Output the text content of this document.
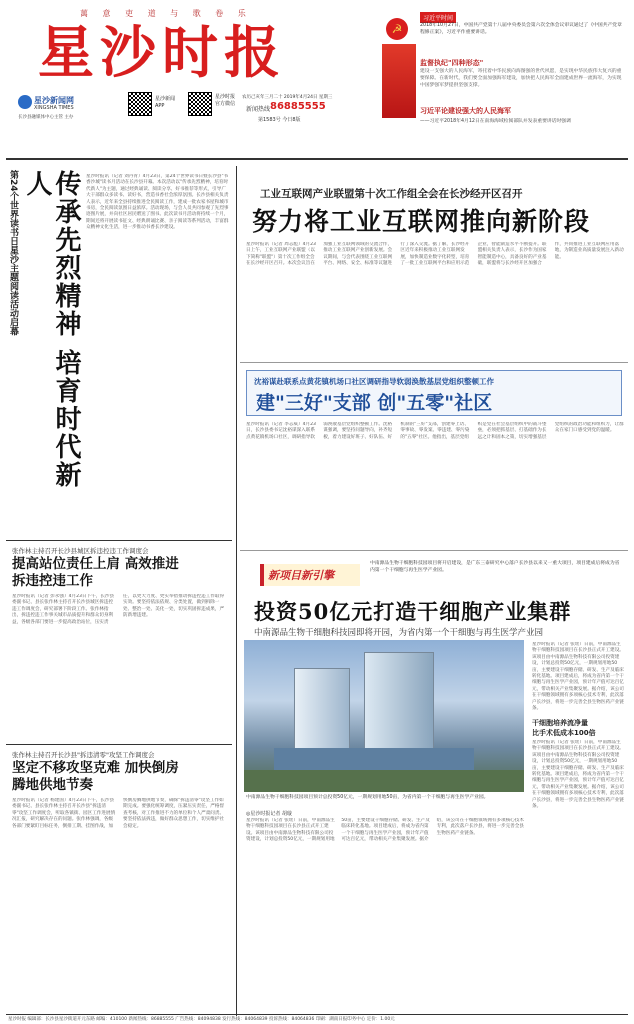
萬 意 吏 道 与 歌 卷 乐
星沙时报
星沙新闻网
XINGSHA TIMES
长沙县融媒体中心主管 主办
星沙新闻APP
星沙时报官方微信
农历己亥年三月二十 2019年4月24日 星期三
新闻热线 86885555
第1583号 今日8版
☭
习近平时间
2018年10月27日，中国共产党第十八届中央委员会第六次全体会议审议通过了《中国共产党章程修正案》，习近平作重要讲话。
监督执纪"四种形态"
建设一支强大的人民海军，寄托着中华民族向海图强的世代夙愿，是实现中华民族伟大复兴的重要保障。在新时代，我们要全面加强海军建设，加快把人民海军全面建成世界一流海军，为实现中国梦强军梦提供坚强支撑。
习近平论建设强大的人民海军
——习近平2018年4月12日在南海海域检阅部队并发表重要讲话时强调
第24个世界读书日星沙主题阅读活动启幕	传承先烈精神 培育时代新人	星沙时报讯（记者 刘丹青）4月23日，第24个世界读书日暨长沙县"书香沙城"读书月活动在长沙县开幕。本次活动以"传承先烈精神，培育时代新人"为主题，通过经典诵读、阅读分享、好书推荐等形式，引导广大干部群众多读书、读好书，营造书香社会浓厚氛围。长沙县相关负责人表示，近年来全县持续推进全民阅读工作，建成一批农家书屋和城市书房，全民阅读氛围日益浓厚。活动现场，与会人员共同参观了先烈事迹图片展，并向社区居民赠送了图书。此次读书月活动将持续一个月，期间还将开展读书征文、经典朗诵比赛、亲子阅读等系列活动，丰富群众精神文化生活，进一步推动书香长沙建设。
工业互联网产业联盟第十次工作组全会在长沙经开区召开
努力将工业互联网推向新阶段
星沙时报讯（记者 周志彪）4月23日上午，工业互联网产业联盟（以下简称"联盟"）第十次工作组全会在长沙经开区召开。本次会议旨在加强工业互联网领域的交流合作，推动工业互联网产业创新发展。会议期间，与会代表围绕工业互联网平台、网络、安全、标准等议题进行了深入交流。据了解，长沙经开区近年来积极推动工业互联网发展，加快制造业数字化转型，培育了一批工业互联网平台和应用示范企业，智能制造水平不断提升。联盟相关负责人表示，长沙作为国家智能制造中心，具备良好的产业基础，联盟将与长沙经开区加强合作，共同推进工业互联网应用落地，为制造业高质量发展注入新动能。
沈裕谋赴联系点黄花镇机场口社区调研指导软弱涣散基层党组织整顿工作
建"三好"支部 创"五零"社区
星沙时报讯（记者 李志威）4月23日，长沙县委书记沈裕谋深入联系点黄花镇机场口社区，调研指导软弱涣散基层党组织整顿工作。沈裕谋强调，要坚持问题导向，补齐短板，着力建设好班子、好队伍、好机制的"三好"支部，创建零上访、零事故、零发案、零违建、零污染的"五零"社区。他指出，基层党组织是党在社会基层组织中的战斗堡垒，必须把抓基层、打基础作为长远之计和固本之策，切实增强基层党组织的政治功能和组织力，让群众在家门口感受到党的温暖。
张作林主持召开长沙县城区拆违控违工作调度会
提高站位责任上肩 高效推进拆违控违工作
星沙时报讯（记者 彭永强）4月23日下午，长沙县委副书记、县长张作林主持召开长沙县城区拆违控违工作调度会，研究部署下阶段工作。张作林指出，拆违控违工作事关城市品质提升和群众切身利益，各级各部门要进一步提高政治站位，压实责任，以更大力度、更实举措推动拆违控违工作取得实效。要坚持依法依规、分类处置，做到拆除一处、整治一处、美化一处，切实巩固拆违成果，严防新增违建。
新项目新引擎
中南源品生物干细胞科技园项目将开启建设，是广东三泰研究中心落户长沙县以来又一重大项目，项目建成后将成为省内第一个干细胞与再生医学产业园。
投资50亿元打造干细胞产业集群
中南源品生物干细胞科技园即将开园，为省内第一个干细胞与再生医学产业园
中南源品生物干细胞科技园项目预计总投资50亿元，一期规划用地50亩，为省内第一个干细胞与再生医学产业园。
星沙时报讯（记者 张瑶）日前，中南源品生物干细胞科技园项目在长沙县正式开工建设。该项目由中南源品生物科技有限公司投资建设，计划总投资50亿元，一期规划用地50亩，主要建设干细胞存储、研发、生产及临床转化基地。项目建成后，将成为省内第一个干细胞与再生医学产业园，预计年产值可达百亿元，带动相关产业集聚发展。据介绍，该公司在干细胞领域拥有多项核心技术专利，此次落户长沙县，将进一步完善全县生物医药产业链条。
干细胞培养流净量
比手术低成本100倍
星沙时报讯（记者 张瑶）日前，中南源品生物干细胞科技园项目在长沙县正式开工建设。该项目由中南源品生物科技有限公司投资建设，计划总投资50亿元，一期规划用地50亩，主要建设干细胞存储、研发、生产及临床转化基地。项目建成后，将成为省内第一个干细胞与再生医学产业园，预计年产值可达百亿元，带动相关产业集聚发展。据介绍，该公司在干细胞领域拥有多项核心技术专利，此次落户长沙县，将进一步完善全县生物医药产业链条。
◎星沙时报记者 胡璇
星沙时报讯（记者 张瑶）日前，中南源品生物干细胞科技园项目在长沙县正式开工建设。该项目由中南源品生物科技有限公司投资建设，计划总投资50亿元，一期规划用地50亩，主要建设干细胞存储、研发、生产及临床转化基地。项目建成后，将成为省内第一个干细胞与再生医学产业园，预计年产值可达百亿元，带动相关产业集聚发展。据介绍，该公司在干细胞领域拥有多项核心技术专利，此次落户长沙县，将进一步完善全县生物医药产业链条。
张作林主持召开长沙县"拆违清零"攻坚工作调度会
坚定不移攻坚克难 加快倒房腾地供地节奏
星沙时报讯（记者 杨建国）4月23日下午，长沙县委副书记、县长张作林主持召开长沙县"拆违清零"攻坚工作调度会，听取各镇街、园区工作进展情况汇报，研究解决存在的问题。张作林强调，各级各部门要紧盯目标任务，倒排工期、挂图作战，加快倒房腾地供地节奏，确保"拆违清零"攻坚工作如期完成。要强化统筹调度，压紧压实责任，严格督查考核，对工作推进不力的单位和个人严肃问责。要坚持依法拆违，做好群众思想工作，切实维护社会稳定。
星沙时报 编辑部：长沙县星沙街道开元东路 邮编：410100 新闻热线：86885555 广告热线：84094838 发行热线：84064839 投诉热线：84064836 印刷：湖南日报印务中心 定价：1.00元
